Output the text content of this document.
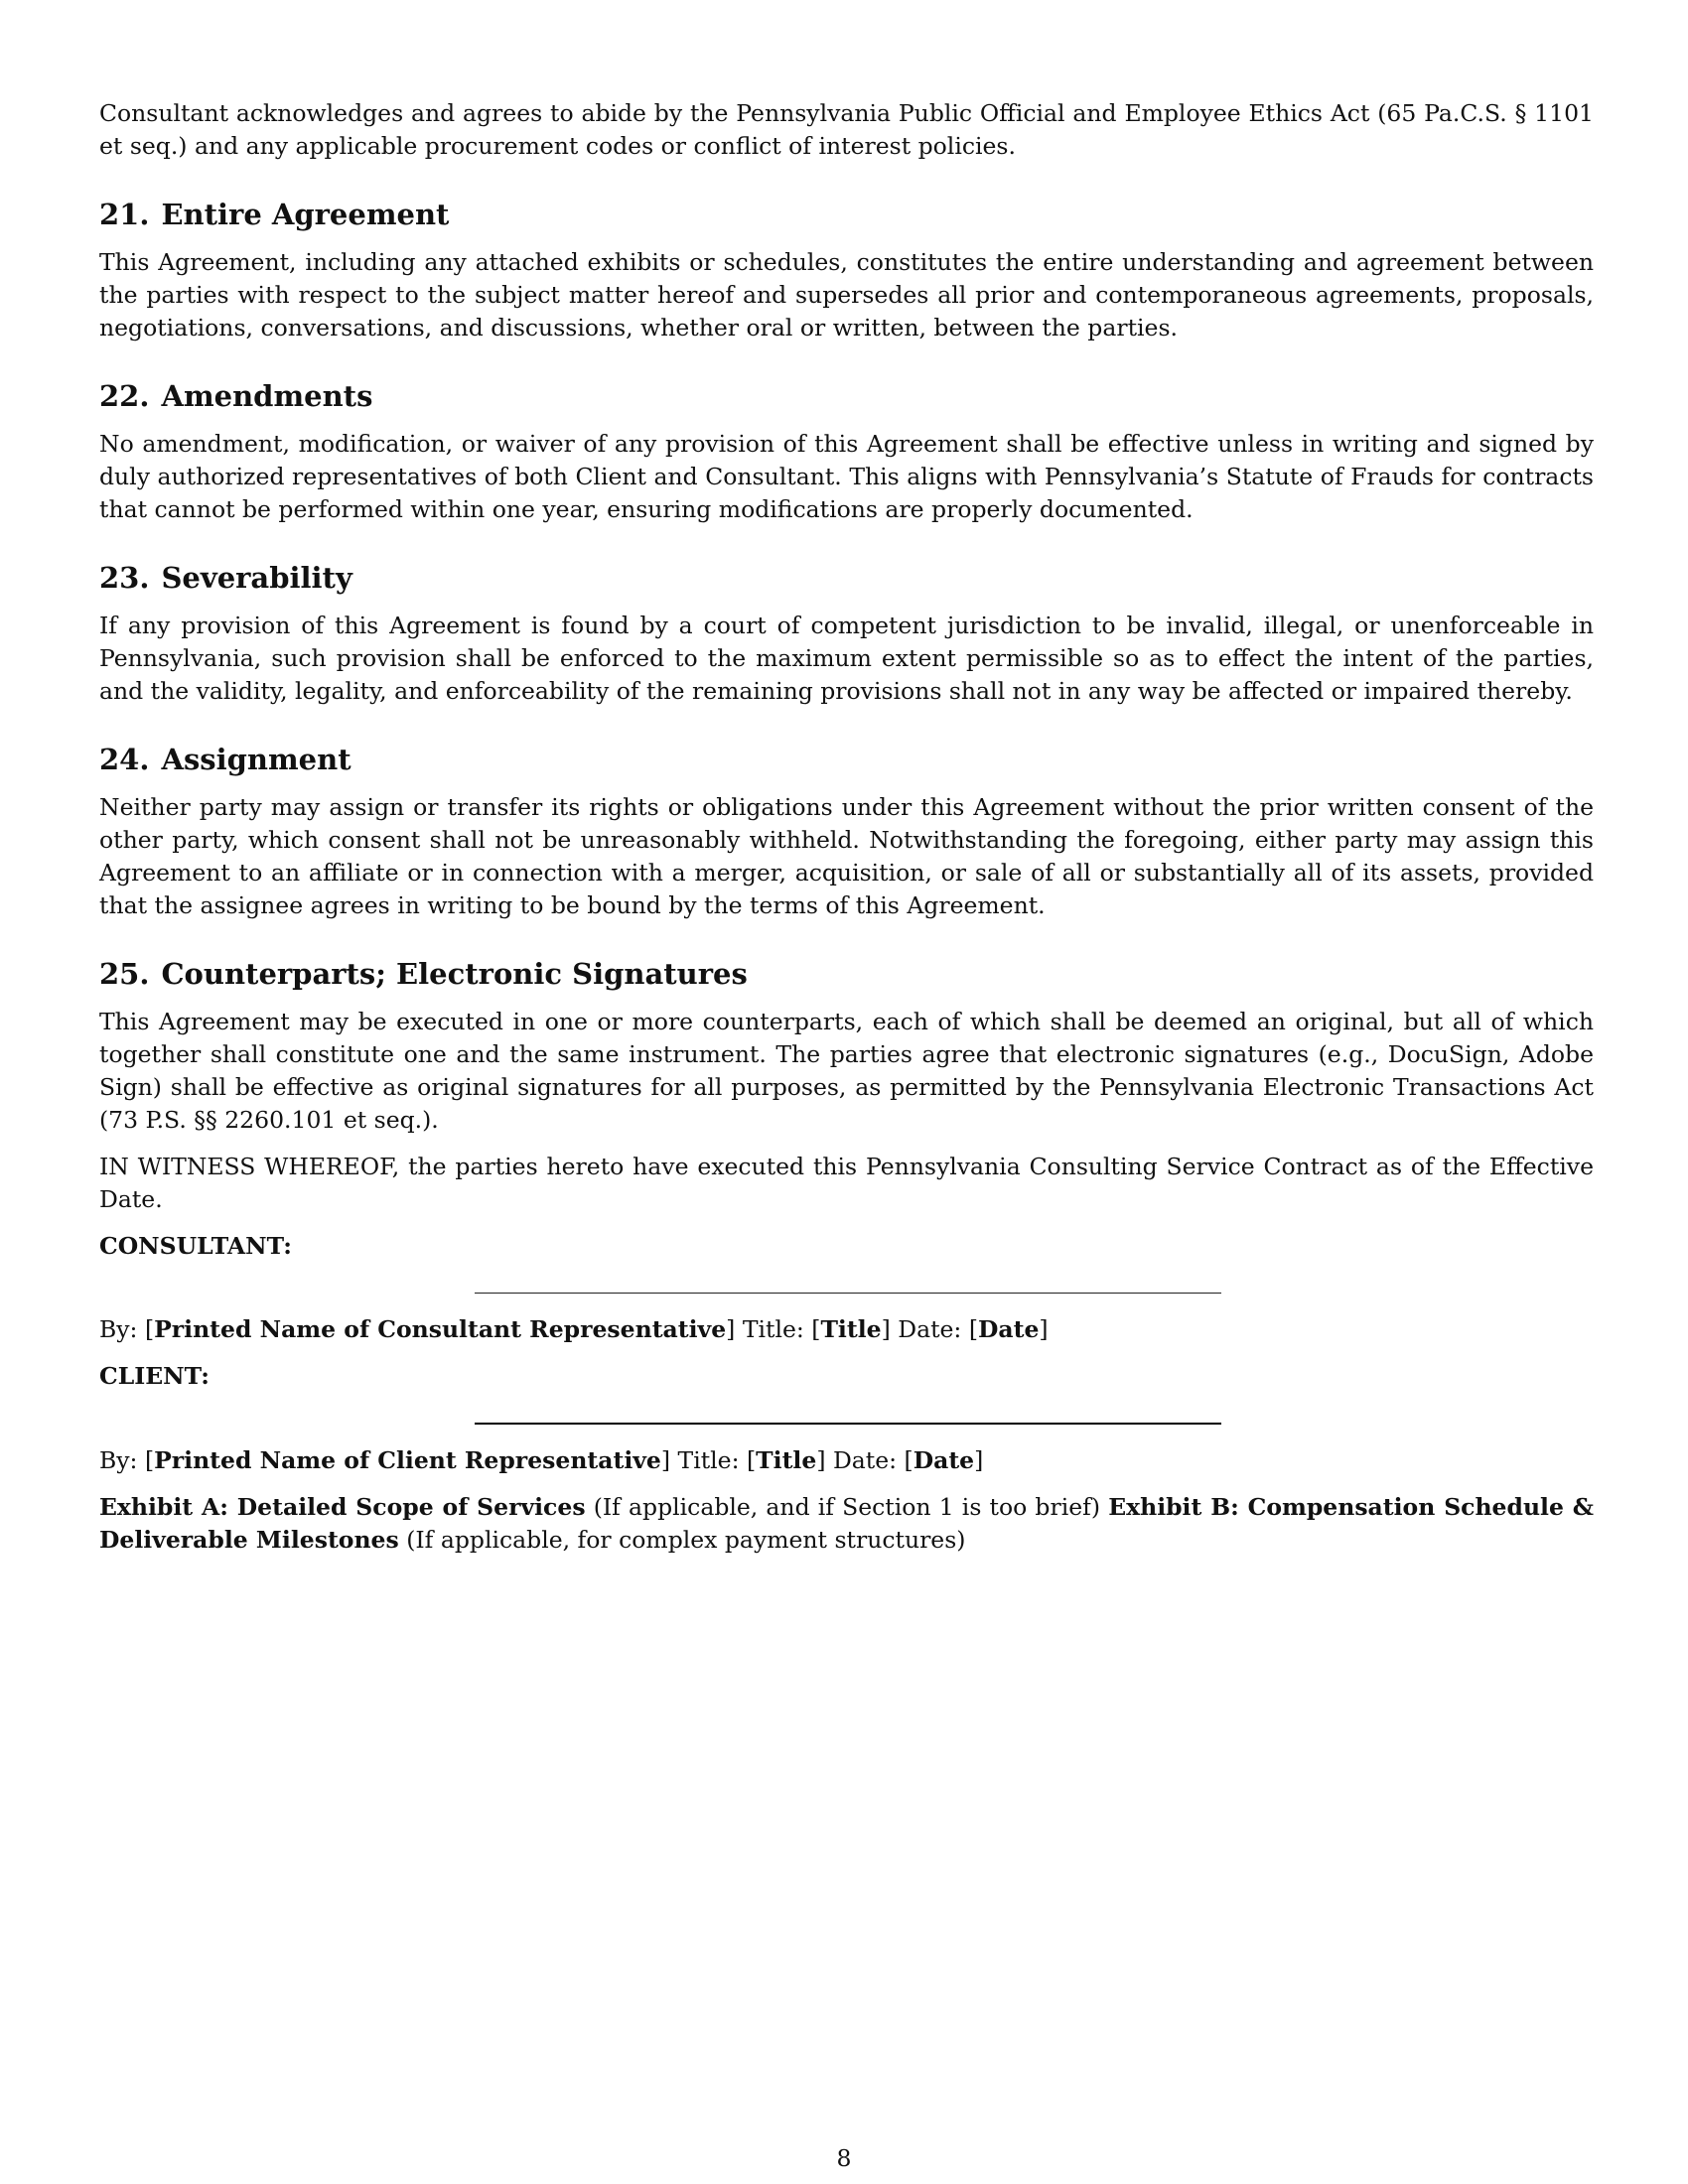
Consultant acknowledges and agrees to abide by the Pennsylvania Public Official and Employee Ethics Act (65 Pa.C.S. § 1101 et seq.) and any applicable procurement codes or conflict of interest policies.

21. Entire Agreement

This Agreement, including any attached exhibits or schedules, constitutes the entire understanding and agreement between the parties with respect to the subject matter hereof and supersedes all prior and contemporaneous agreements, proposals, negotiations, conversations, and discussions, whether oral or written, between the parties.

22. Amendments

No amendment, modification, or waiver of any provision of this Agreement shall be effective unless in writing and signed by duly authorized representatives of both Client and Consultant. This aligns with Pennsylvania’s Statute of Frauds for contracts that cannot be performed within one year, ensuring modifications are properly documented.

23. Severability

If any provision of this Agreement is found by a court of competent jurisdiction to be invalid, illegal, or unenforceable in Pennsylvania, such provision shall be enforced to the maximum extent permissible so as to effect the intent of the parties, and the validity, legality, and enforceability of the remaining provisions shall not in any way be affected or impaired thereby.

24. Assignment

Neither party may assign or transfer its rights or obligations under this Agreement without the prior written consent of the other party, which consent shall not be unreasonably withheld. Notwithstanding the foregoing, either party may assign this Agreement to an affiliate or in connection with a merger, acquisition, or sale of all or substantially all of its assets, provided that the assignee agrees in writing to be bound by the terms of this Agreement.

25. Counterparts; Electronic Signatures

This Agreement may be executed in one or more counterparts, each of which shall be deemed an original, but all of which together shall constitute one and the same instrument. The parties agree that electronic signatures (e.g., DocuSign, Adobe Sign) shall be effective as original signatures for all purposes, as permitted by the Pennsylvania Electronic Transactions Act (73 P.S. §§ 2260.101 et seq.).

IN WITNESS WHEREOF, the parties hereto have executed this Pennsylvania Consulting Service Contract as of the Effective Date.

CONSULTANT:
By: [Printed Name of Consultant Representative] Title: [Title] Date: [Date]
CLIENT:
By: [Printed Name of Client Representative] Title: [Title] Date: [Date]

Exhibit A: Detailed Scope of Services (If applicable, and if Section 1 is too brief) Exhibit B: Compensation Schedule & Deliverable Milestones (If applicable, for complex payment structures)

8
